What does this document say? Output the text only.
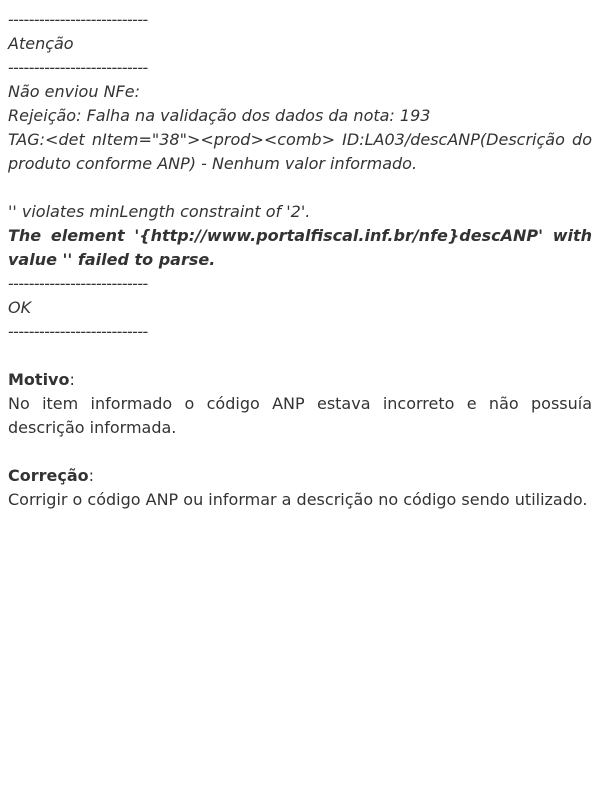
---------------------------
Atenção
---------------------------
Não enviou NFe:
Rejeição: Falha na validação dos dados da nota: 193
TAG:<det nItem="38"><prod><comb> ID:LA03/descANP(Descrição do produto conforme ANP) - Nenhum valor informado.
'' violates minLength constraint of '2'.
The element '{http://www.portalfiscal.inf.br/nfe}descANP' with value '' failed to parse.
---------------------------
OK
---------------------------
Motivo:
No item informado o código ANP estava incorreto e não possuía descrição informada.
Correção:
Corrigir o código ANP ou informar a descrição no código sendo utilizado.
